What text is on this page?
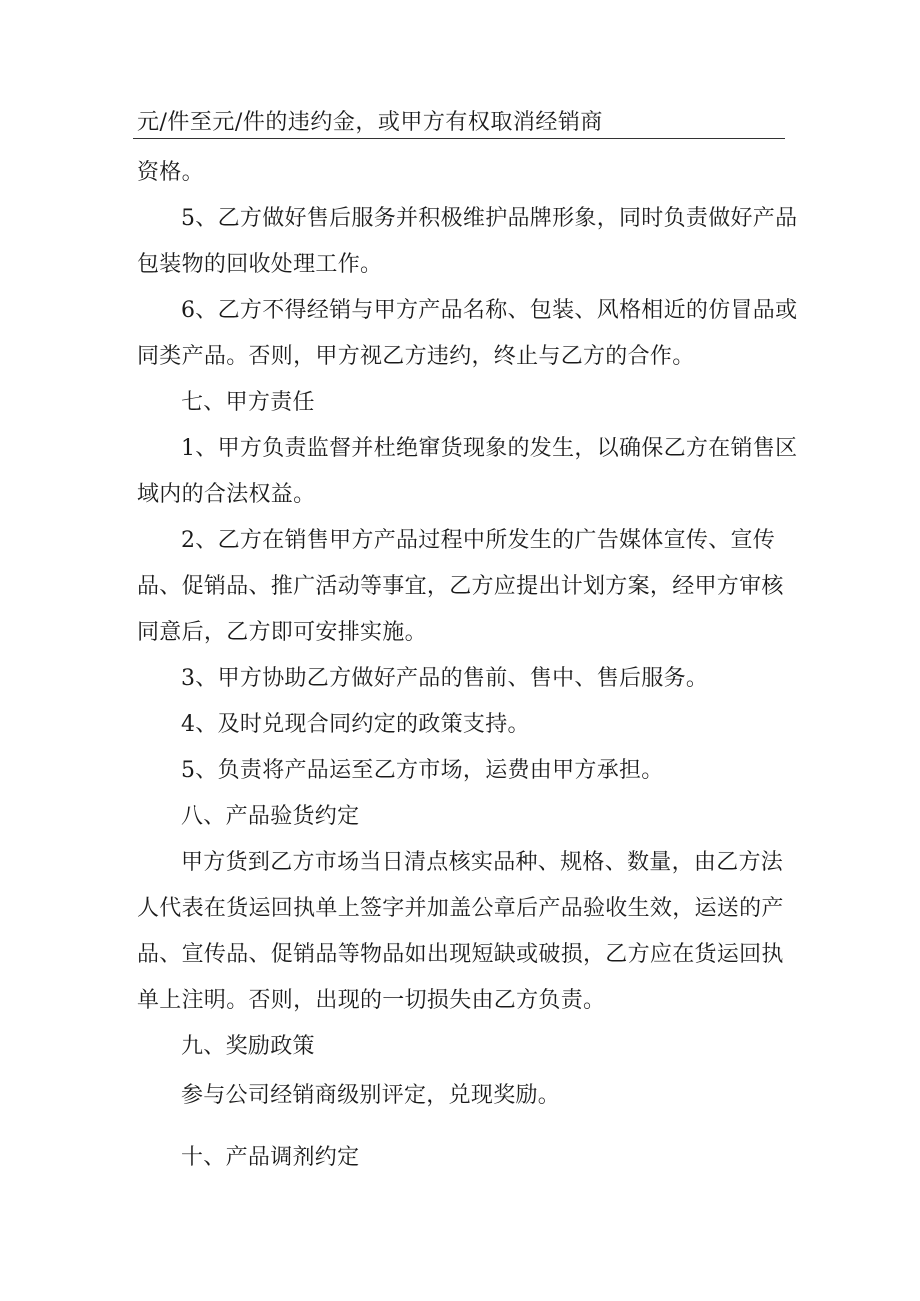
元/件至元/件的违约金，或甲方有权取消经销商
资格。
5、乙方做好售后服务并积极维护品牌形象，同时负责做好产品
包装物的回收处理工作。
6、乙方不得经销与甲方产品名称、包装、风格相近的仿冒品或
同类产品。否则，甲方视乙方违约，终止与乙方的合作。
七、甲方责任
1、甲方负责监督并杜绝窜货现象的发生，以确保乙方在销售区
域内的合法权益。
2、乙方在销售甲方产品过程中所发生的广告媒体宣传、宣传
品、促销品、推广活动等事宜，乙方应提出计划方案，经甲方审核
同意后，乙方即可安排实施。
3、甲方协助乙方做好产品的售前、售中、售后服务。
4、及时兑现合同约定的政策支持。
5、负责将产品运至乙方市场，运费由甲方承担。
八、产品验货约定
甲方货到乙方市场当日清点核实品种、规格、数量，由乙方法
人代表在货运回执单上签字并加盖公章后产品验收生效，运送的产
品、宣传品、促销品等物品如出现短缺或破损，乙方应在货运回执
单上注明。否则，出现的一切损失由乙方负责。
九、奖励政策
参与公司经销商级别评定，兑现奖励。
十、产品调剂约定
